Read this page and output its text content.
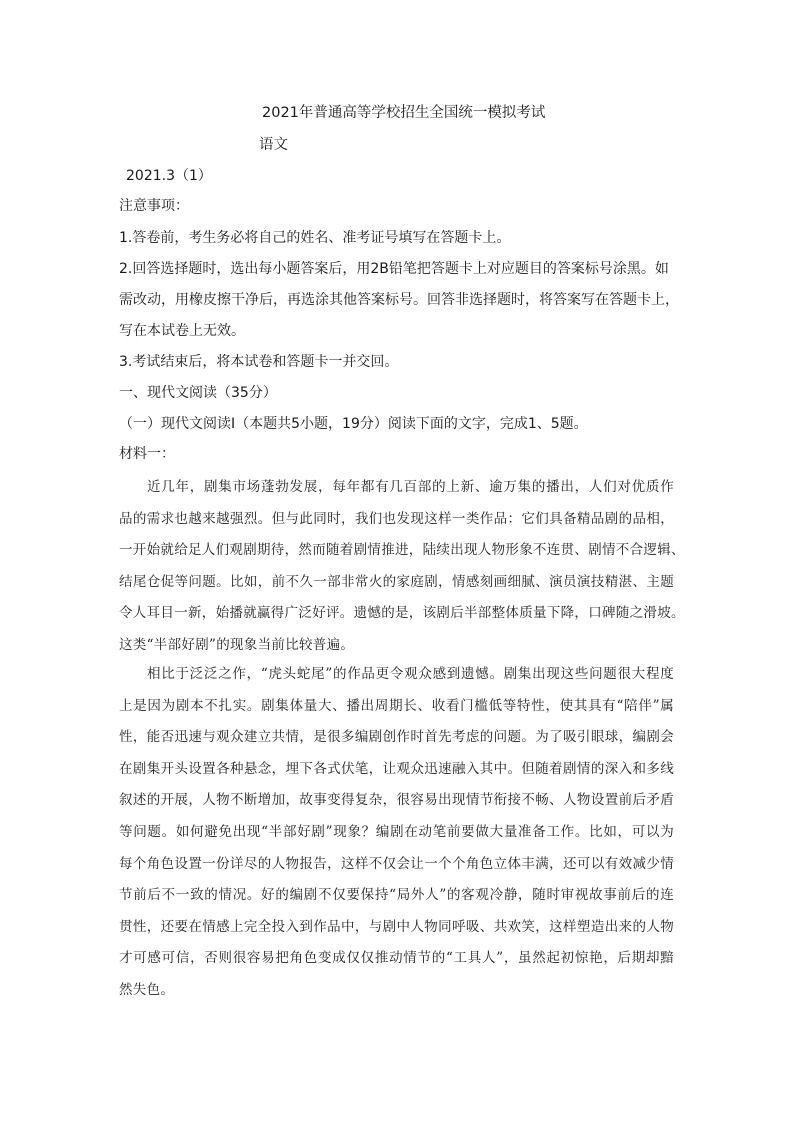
2021年普通高等学校招生全国统一模拟考试
语文
2021.3（1）
注意事项：
1.答卷前，考生务必将自己的姓名、准考证号填写在答题卡上。
2.回答选择题时，选出每小题答案后，用2B铅笔把答题卡上对应题目的答案标号涂黑。如
需改动，用橡皮擦干净后，再选涂其他答案标号。回答非选择题时，将答案写在答题卡上，
写在本试卷上无效。
3.考试结束后，将本试卷和答题卡一并交回。
一、现代文阅读（35分）
（一）现代文阅读Ⅰ（本题共5小题，19分）阅读下面的文字，完成1、5题。
材料一：
近几年，剧集市场蓬勃发展，每年都有几百部的上新、逾万集的播出，人们对优质作
品的需求也越来越强烈。但与此同时，我们也发现这样一类作品：它们具备精品剧的品相，
一开始就给足人们观剧期待，然而随着剧情推进，陆续出现人物形象不连贯、剧情不合逻辑、
结尾仓促等问题。比如，前不久一部非常火的家庭剧，情感刻画细腻、演员演技精湛、主题
令人耳目一新，始播就赢得广泛好评。遗憾的是，该剧后半部整体质量下降，口碑随之滑坡。
这类“半部好剧”的现象当前比较普遍。
相比于泛泛之作，“虎头蛇尾”的作品更令观众感到遗憾。剧集出现这些问题很大程度
上是因为剧本不扎实。剧集体量大、播出周期长、收看门槛低等特性，使其具有“陪伴”属
性，能否迅速与观众建立共情，是很多编剧创作时首先考虑的问题。为了吸引眼球，编剧会
在剧集开头设置各种悬念，埋下各式伏笔，让观众迅速融入其中。但随着剧情的深入和多线
叙述的开展，人物不断增加，故事变得复杂，很容易出现情节衔接不畅、人物设置前后矛盾
等问题。如何避免出现“半部好剧”现象？编剧在动笔前要做大量准备工作。比如，可以为
每个角色设置一份详尽的人物报告，这样不仅会让一个个角色立体丰满，还可以有效减少情
节前后不一致的情况。好的编剧不仅要保持“局外人”的客观冷静，随时审视故事前后的连
贯性，还要在情感上完全投入到作品中，与剧中人物同呼吸、共欢笑，这样塑造出来的人物
才可感可信，否则很容易把角色变成仅仅推动情节的“工具人”，虽然起初惊艳，后期却黯
然失色。
